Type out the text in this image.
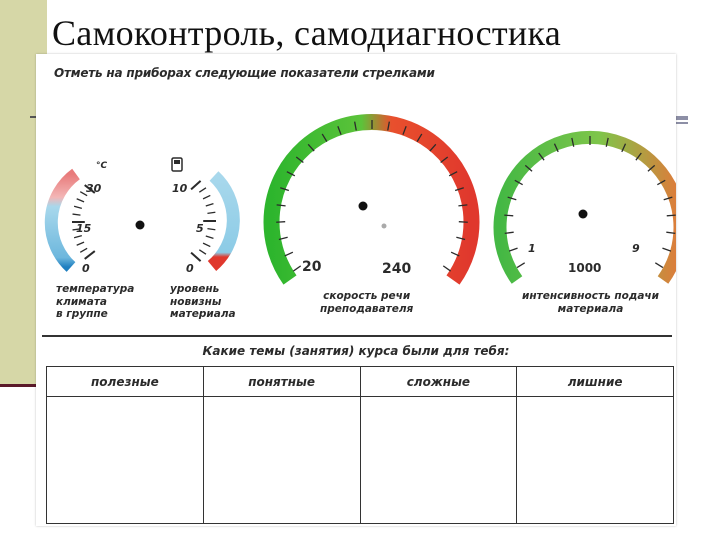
Самоконтроль, самодиагностика
Отметь на приборах следующие показатели стрелками
30
15
0
°С
10
5
0	20	240
1	9
1000
температура
климата
в группе
уровень
новизны
материала
скорость речи
преподавателя
интенсивность подачи
материала
Какие темы (занятия) курса были для тебя:
полезные	понятные	сложные	лишние
